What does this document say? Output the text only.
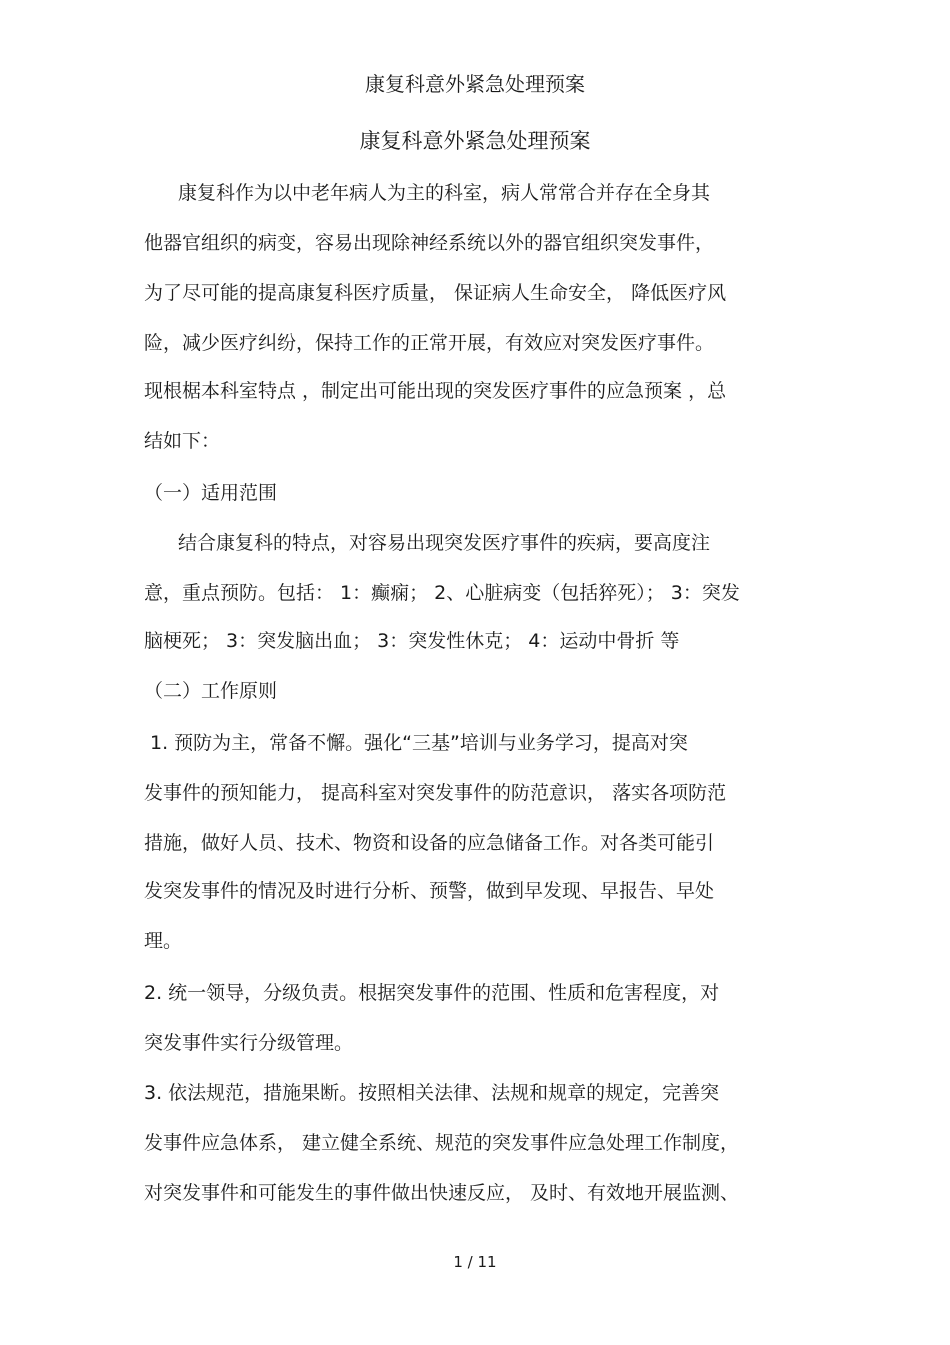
康复科意外紧急处理预案
康复科意外紧急处理预案
康复科作为以中老年病人为主的科室，病人常常合并存在全身其
他器官组织的病变，容易出现除神经系统以外的器官组织突发事件，
为了尽可能的提高康复科医疗质量， 保证病人生命安全， 降低医疗风
险，减少医疗纠纷，保持工作的正常开展，有效应对突发医疗事件。
现根椐本科室特点 ，制定出可能出现的突发医疗事件的应急预案 ，总
结如下：
（一）适用范围
结合康复科的特点，对容易出现突发医疗事件的疾病，要高度注
意，重点预防。包括： 1：癫痫； 2、心脏病变（包括猝死）； 3：突发
脑梗死； 3：突发脑出血； 3：突发性休克； 4：运动中骨折 等
（二）工作原则
1. 预防为主，常备不懈。强化“三基”培训与业务学习，提高对突
发事件的预知能力， 提高科室对突发事件的防范意识， 落实各项防范
措施，做好人员、技术、物资和设备的应急储备工作。对各类可能引
发突发事件的情况及时进行分析、预警，做到早发现、早报告、早处
理。
2. 统一领导，分级负责。根据突发事件的范围、性质和危害程度，对
突发事件实行分级管理。
3. 依法规范，措施果断。按照相关法律、法规和规章的规定，完善突
发事件应急体系， 建立健全系统、规范的突发事件应急处理工作制度，
对突发事件和可能发生的事件做出快速反应， 及时、有效地开展监测、
1 / 11
